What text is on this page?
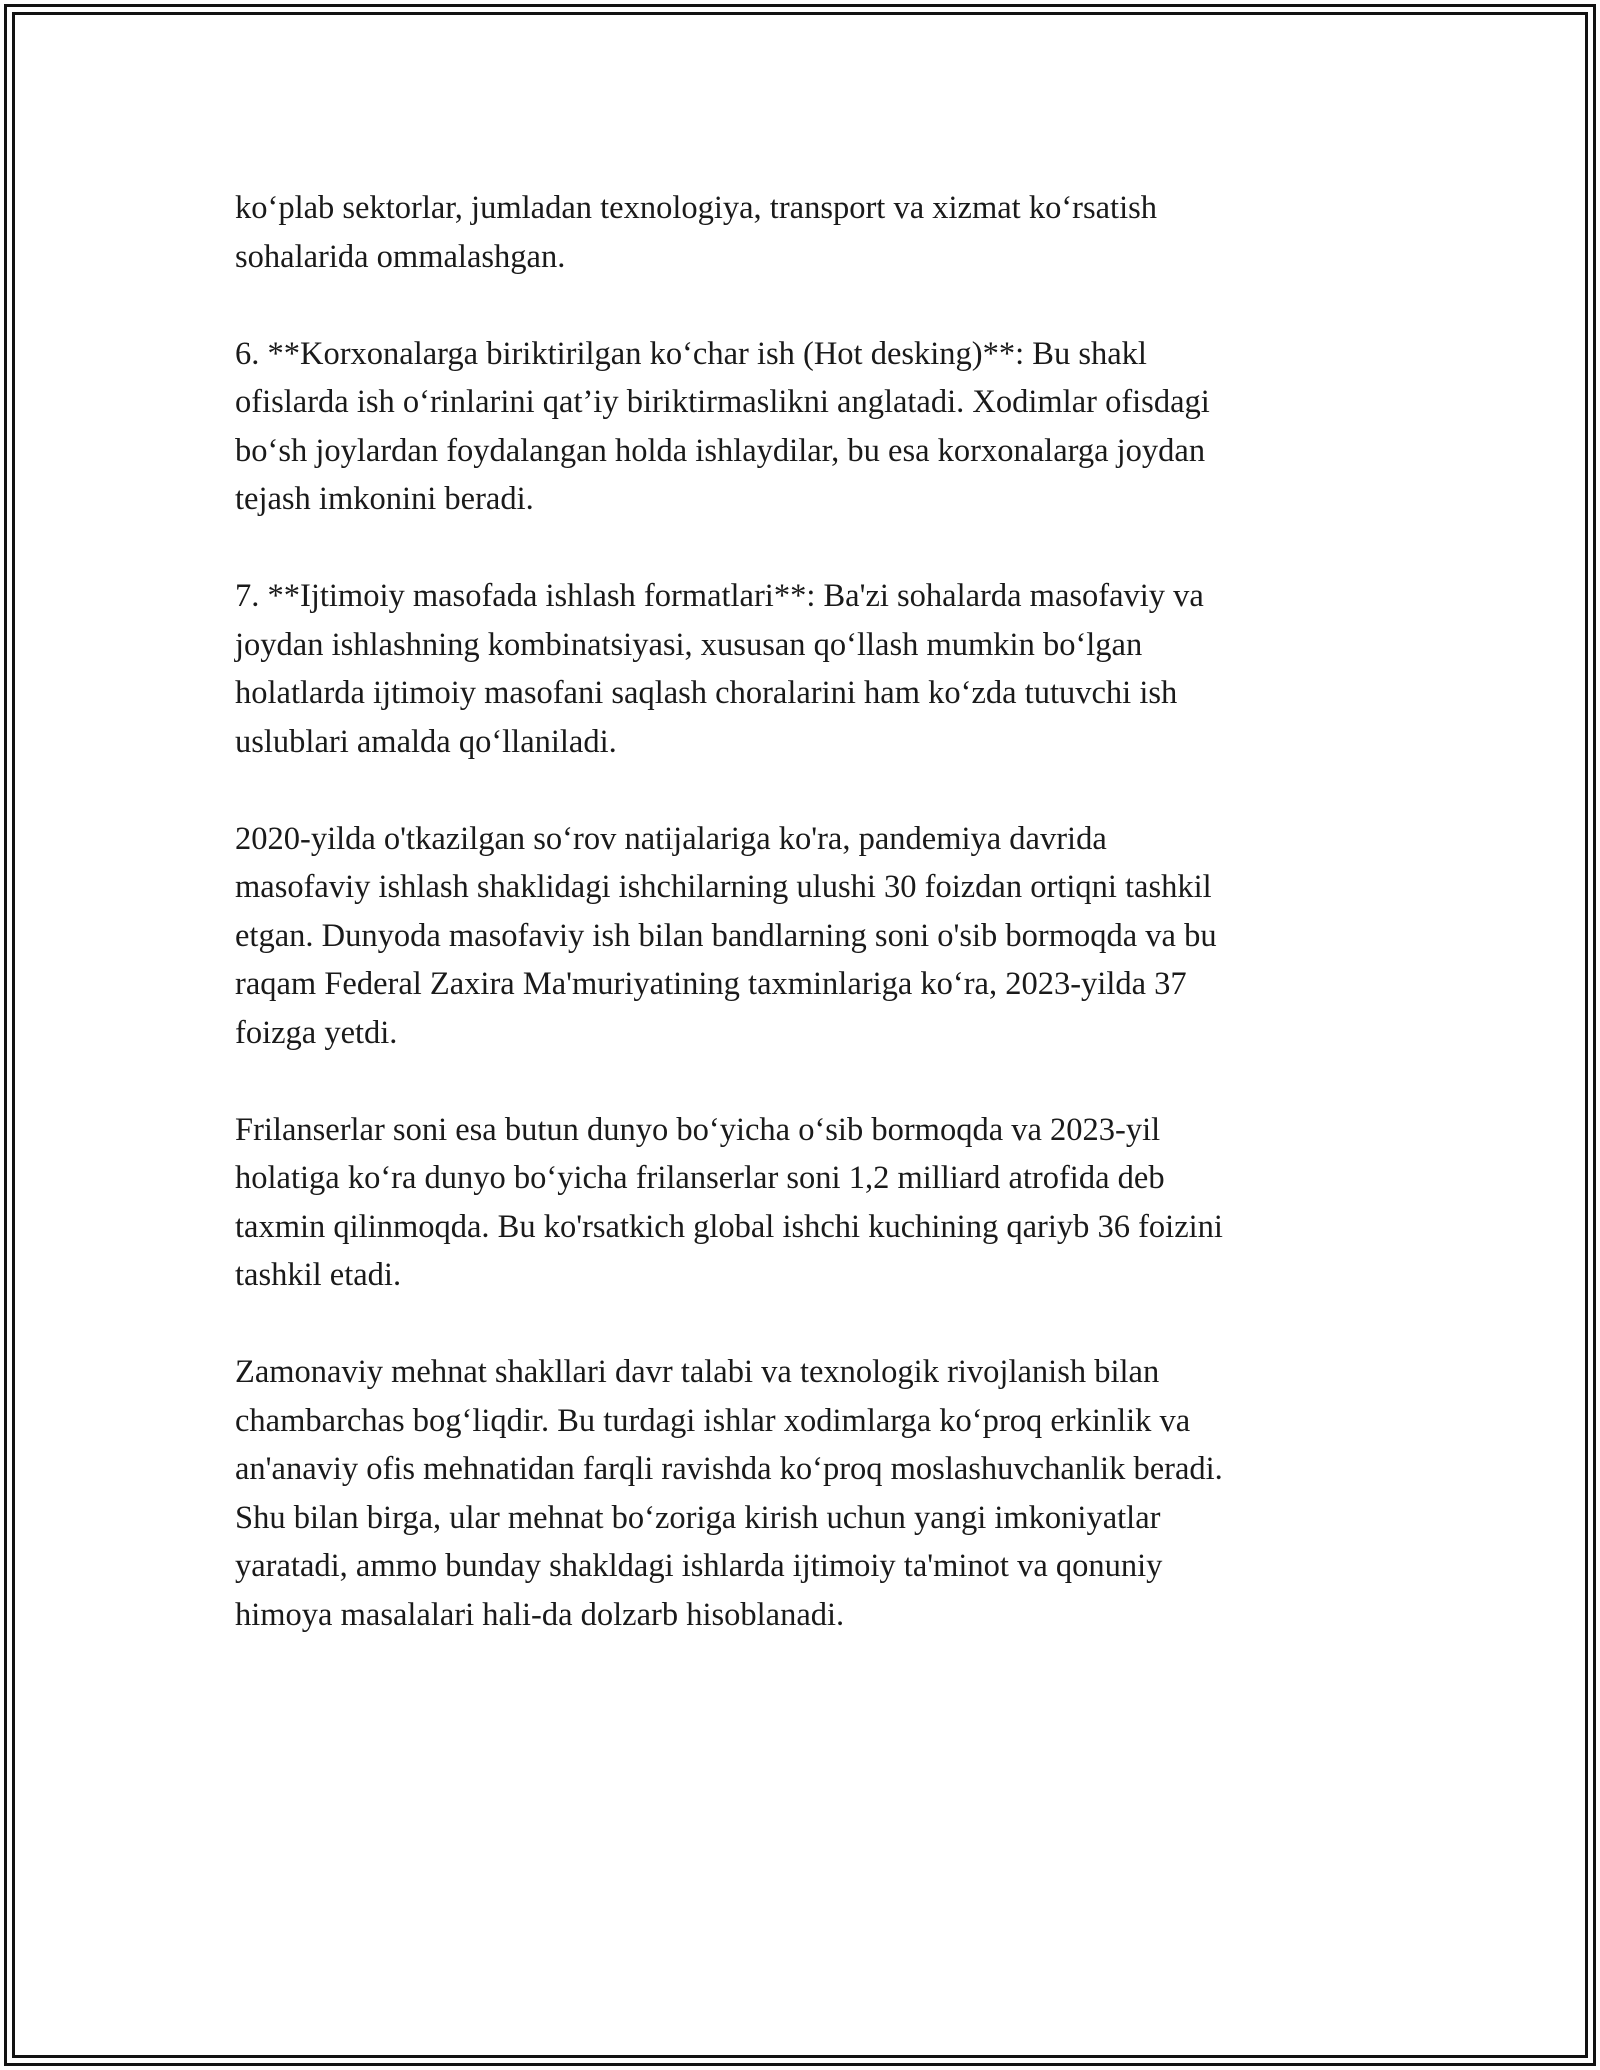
ko‘plab sektorlar, jumladan texnologiya, transport va xizmat ko‘rsatish
sohalarida ommalashgan.

6. **Korxonalarga biriktirilgan ko‘char ish (Hot desking)**: Bu shakl
ofislarda ish o‘rinlarini qat’iy biriktirmaslikni anglatadi. Xodimlar ofisdagi
bo‘sh joylardan foydalangan holda ishlaydilar, bu esa korxonalarga joydan
tejash imkonini beradi.

7. **Ijtimoiy masofada ishlash formatlari**: Ba'zi sohalarda masofaviy va
joydan ishlashning kombinatsiyasi, xususan qo‘llash mumkin bo‘lgan
holatlarda ijtimoiy masofani saqlash choralarini ham ko‘zda tutuvchi ish
uslublari amalda qo‘llaniladi.

2020-yilda o'tkazilgan so‘rov natijalariga ko'ra, pandemiya davrida
masofaviy ishlash shaklidagi ishchilarning ulushi 30 foizdan ortiqni tashkil
etgan. Dunyoda masofaviy ish bilan bandlarning soni o'sib bormoqda va bu
raqam Federal Zaxira Ma'muriyatining taxminlariga ko‘ra, 2023-yilda 37
foizga yetdi.

Frilanserlar soni esa butun dunyo bo‘yicha o‘sib bormoqda va 2023-yil
holatiga ko‘ra dunyo bo‘yicha frilanserlar soni 1,2 milliard atrofida deb
taxmin qilinmoqda. Bu ko'rsatkich global ishchi kuchining qariyb 36 foizini
tashkil etadi.

Zamonaviy mehnat shakllari davr talabi va texnologik rivojlanish bilan
chambarchas bog‘liqdir. Bu turdagi ishlar xodimlarga ko‘proq erkinlik va
an'anaviy ofis mehnatidan farqli ravishda ko‘proq moslashuvchanlik beradi.
Shu bilan birga, ular mehnat bo‘zoriga kirish uchun yangi imkoniyatlar
yaratadi, ammo bunday shakldagi ishlarda ijtimoiy ta'minot va qonuniy
himoya masalalari hali-da dolzarb hisoblanadi.
